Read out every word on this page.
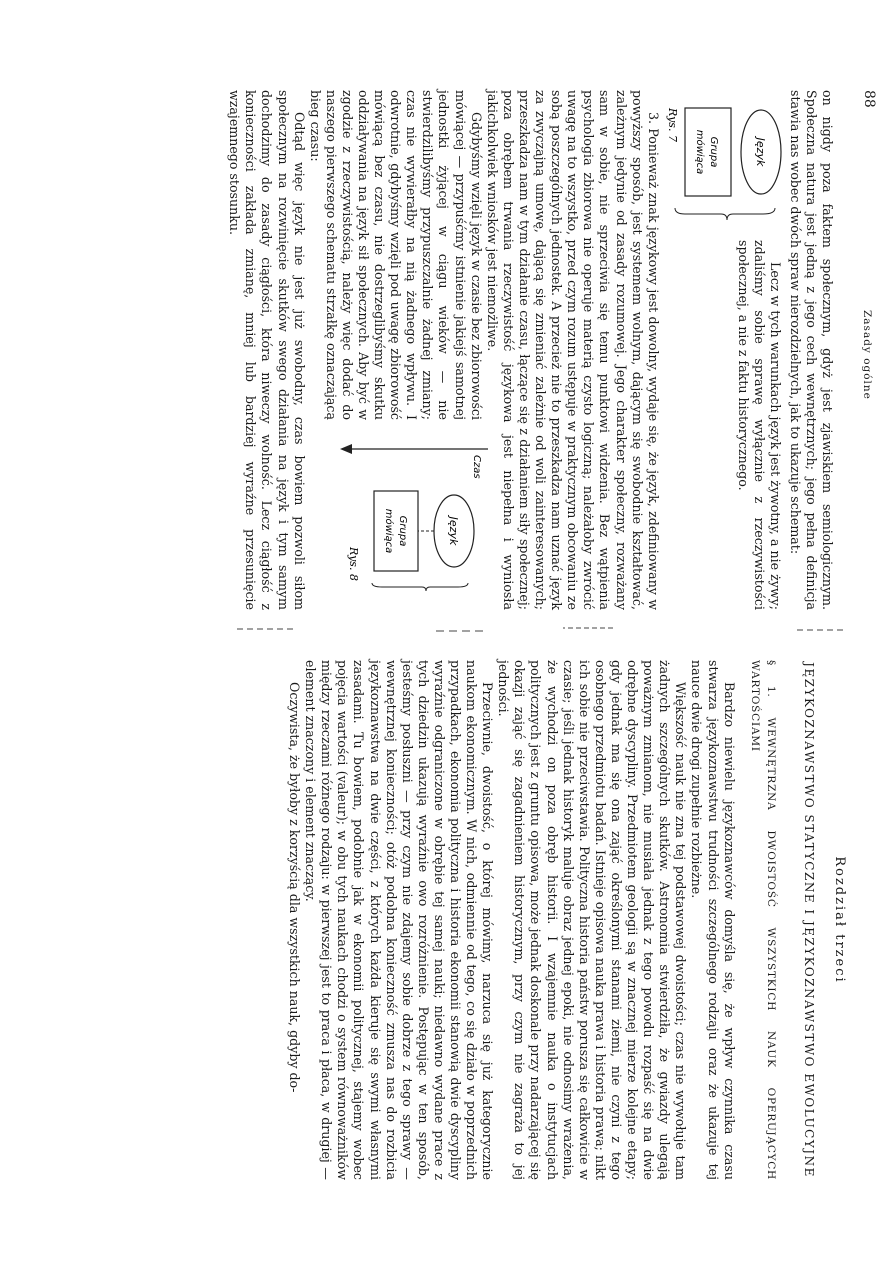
88
Zasady ogólne

on nigdy poza faktem społecznym, gdyż jest zjawiskiem semiologicznym. Społeczna natura jest jedną z jego cech wewnętrznych; jego pełna definicja stawia nas wobec dwóch spraw nierozdzielnych, jak to ukazuje schemat:

Język
Grupa
mówiąca
Rys. 7

Lecz w tych warunkach język jest żywotny, a nie żywy; zdaliśmy sobie sprawę wyłącznie z rzeczywistości społecznej, a nie z faktu historycznego.

3. Ponieważ znak językowy jest dowolny, wydaje się, że język, zdefiniowany w powyższy sposób, jest systemem wolnym, dającym się swobodnie kształtować, zależnym jedynie od zasady rozumowej. Jego charakter społeczny, rozważany sam w sobie, nie sprzeciwia się temu punktowi widzenia. Bez wątpienia psychologia zbiorowa nie operuje materią czysto logiczną; należałoby zwrócić uwagę na to wszystko, przed czym rozum ustępuje w praktycznym obcowaniu ze sobą poszczególnych jednostek. A przecież nie to przeszkadza nam uznać język za zwyczajną umowę, dającą się zmieniać zależnie od woli zainteresowanych; przeszkadza nam w tym działanie czasu, łączące się z działaniem siły społecznej; poza obrębem trwania rzeczywistość językowa jest niepełna i wyniosła jakichkolwiek wniosków jest niemożliwe.

Gdybyśmy wzięli język w czasie bez zbiorowości mówiącej — przypuśćmy istnienie jakiejś samotnej jednostki żyjącej w ciągu wieków — nie stwierdzilibyśmy przypuszczalnie żadnej zmiany; czas nie wywierałby na nią żadnego wpływu. I odwrotnie, gdybyśmy wzięli pod uwagę zbiorowość mówiącą bez czasu, nie dostrzeglibyśmy skutku oddziaływania na język sił społecznych. Aby być w zgodzie z rzeczywistością, należy więc dodać do naszego pierwszego schematu strzałkę oznaczającą bieg czasu:

Czas
Język
Grupa
mówiąca
Rys. 8

Odtąd więc język nie jest już swobodny, czas bowiem pozwoli siłom społecznym na rozwinięcie skutków swego działania na język i tym samym dochodzimy do zasady ciągłości, która niweczy wolność. Lecz ciągłość z konieczności zakłada zmianę, mniej lub bardziej wyraźne przesunięcie wzajemnego stosunku.

Rozdział trzeci
JĘZYKOZNAWSTWO STATYCZNE I JĘZYKOZNAWSTWO EWOLUCYJNE
§ 1. WEWNĘTRZNA DWOISTOŚĆ WSZYSTKICH NAUK OPERUJĄCYCH WARTOŚCIAMI

Bardzo niewielu językoznawców domyśla się, że wpływ czynnika czasu stwarza językoznawstwu trudności szczególnego rodzaju oraz że ukazuje tej nauce dwie drogi zupełnie rozbieżne.

Większość nauk nie zna tej podstawowej dwoistości; czas nie wywołuje tam żadnych szczególnych skutków. Astronomia stwierdziła, że gwiazdy ulegają poważnym zmianom, nie musiała jednak z tego powodu rozpaść się na dwie odrębne dyscypliny. Przedmiotem geologii są w znacznej mierze kolejne etapy; gdy jednak ma się ona zająć określonymi stanami ziemi, nie czyni z tego osobnego przedmiotu badań. Istnieje opisowa nauka prawa i historia prawa; nikt ich sobie nie przeciwstawia. Polityczna historia państw porusza się całkowicie w czasie; jeśli jednak historyk maluje obraz jednej epoki, nie odnosimy wrażenia, że wychodzi on poza obręb historii. I wzajemnie nauka o instytucjach politycznych jest z gruntu opisowa, może jednak doskonale przy nadarzającej się okazji zająć się zagadnieniem historycznym, przy czym nie zagraża to jej jedności.

Przeciwnie, dwoistość, o której mówimy, narzuca się już kategorycznie naukom ekonomicznym. W nich, odmiennie od tego, co się działo w poprzednich przypadkach, ekonomia polityczna i historia ekonomii stanowią dwie dyscypliny wyraźnie odgraniczone w obrębie tej samej nauki; niedawno wydane prace z tych dziedzin ukazują wyraźnie owo rozróżnienie. Postępując w ten sposób, jesteśmy posłuszni — przy czym nie zdajemy sobie dobrze z tego sprawy — wewnętrznej konieczności; otóż podobna konieczność zmusza nas do rozbicia językoznawstwa na dwie części, z których każda kieruje się swymi własnymi zasadami. Tu bowiem, podobnie jak w ekonomii politycznej, stajemy wobec pojęcia wartości (valeur); w obu tych naukach chodzi o system równoważników między rzeczami różnego rodzaju: w pierwszej jest to praca i płaca, w drugiej — element znaczony i element znaczący.

Oczywista, że byłoby z korzyścią dla wszystkich nauk, gdyby do-
